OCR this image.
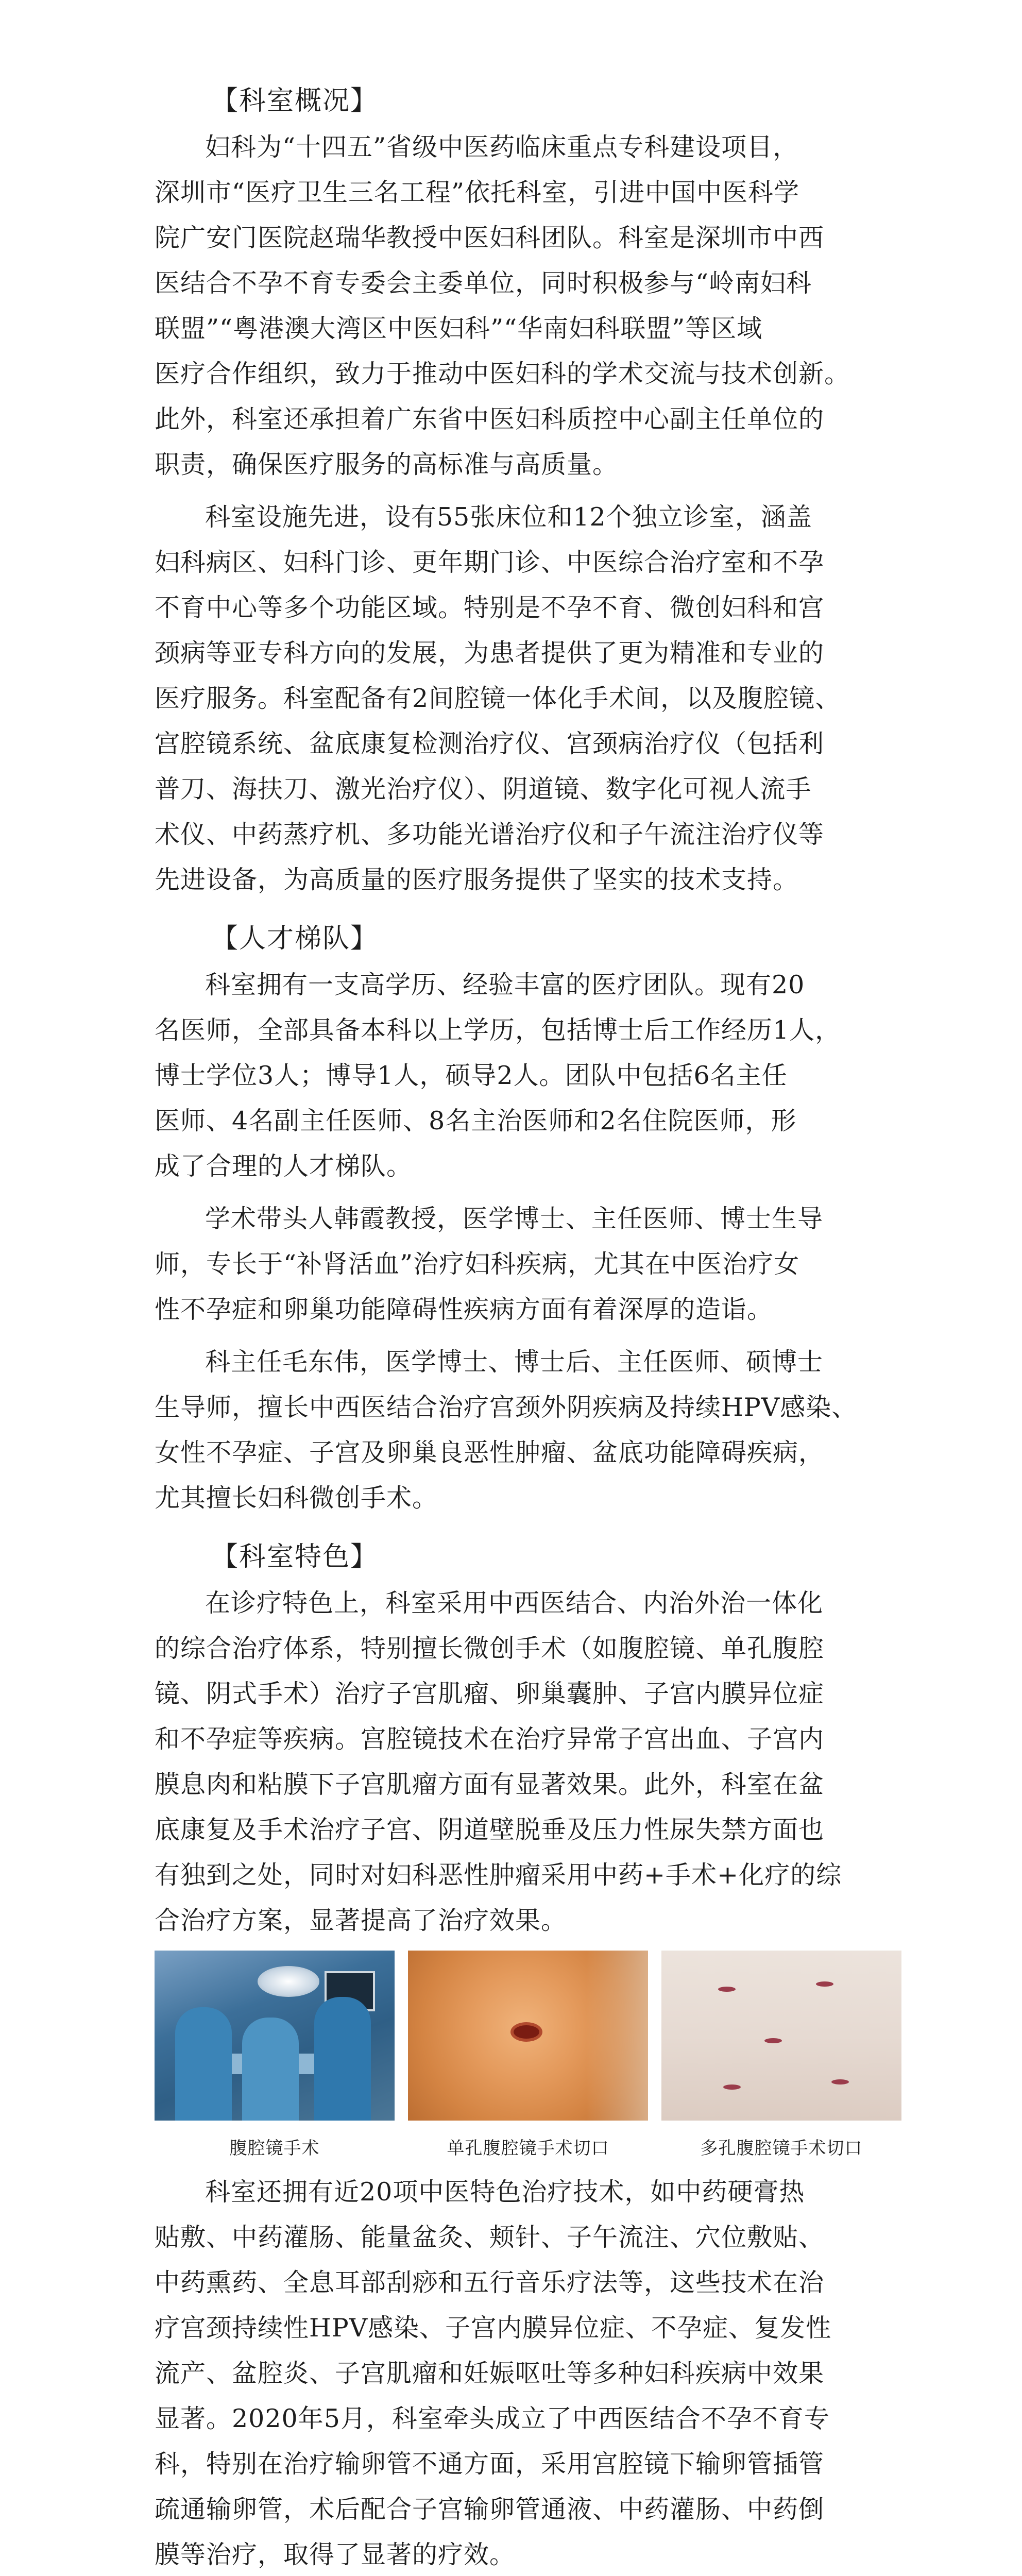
【科室概况】

妇科为“十四五”省级中医药临床重点专科建设项目，
深圳市“医疗卫生三名工程”依托科室，引进中国中医科学
院广安门医院赵瑞华教授中医妇科团队。科室是深圳市中西
医结合不孕不育专委会主委单位，同时积极参与“岭南妇科
联盟”“粤港澳大湾区中医妇科”“华南妇科联盟”等区域
医疗合作组织，致力于推动中医妇科的学术交流与技术创新。
此外，科室还承担着广东省中医妇科质控中心副主任单位的
职责，确保医疗服务的高标准与高质量。

科室设施先进，设有55张床位和12个独立诊室，涵盖
妇科病区、妇科门诊、更年期门诊、中医综合治疗室和不孕
不育中心等多个功能区域。特别是不孕不育、微创妇科和宫
颈病等亚专科方向的发展，为患者提供了更为精准和专业的
医疗服务。科室配备有2间腔镜一体化手术间，以及腹腔镜、
宫腔镜系统、盆底康复检测治疗仪、宫颈病治疗仪（包括利
普刀、海扶刀、激光治疗仪）、阴道镜、数字化可视人流手
术仪、中药蒸疗机、多功能光谱治疗仪和子午流注治疗仪等
先进设备，为高质量的医疗服务提供了坚实的技术支持。

【人才梯队】

科室拥有一支高学历、经验丰富的医疗团队。现有20
名医师，全部具备本科以上学历，包括博士后工作经历1人，
博士学位3人；博导1人，硕导2人。团队中包括6名主任
医师、4名副主任医师、8名主治医师和2名住院医师，形
成了合理的人才梯队。

学术带头人韩霞教授，医学博士、主任医师、博士生导
师，专长于“补肾活血”治疗妇科疾病，尤其在中医治疗女
性不孕症和卵巢功能障碍性疾病方面有着深厚的造诣。

科主任毛东伟，医学博士、博士后、主任医师、硕博士
生导师，擅长中西医结合治疗宫颈外阴疾病及持续HPV感染、
女性不孕症、子宫及卵巢良恶性肿瘤、盆底功能障碍疾病，
尤其擅长妇科微创手术。

【科室特色】

在诊疗特色上，科室采用中西医结合、内治外治一体化
的综合治疗体系，特别擅长微创手术（如腹腔镜、单孔腹腔
镜、阴式手术）治疗子宫肌瘤、卵巢囊肿、子宫内膜异位症
和不孕症等疾病。宫腔镜技术在治疗异常子宫出血、子宫内
膜息肉和粘膜下子宫肌瘤方面有显著效果。此外，科室在盆
底康复及手术治疗子宫、阴道壁脱垂及压力性尿失禁方面也
有独到之处，同时对妇科恶性肿瘤采用中药+手术+化疗的综
合治疗方案，显著提高了治疗效果。

腹腔镜手术	单孔腹腔镜手术切口	多孔腹腔镜手术切口

科室还拥有近20项中医特色治疗技术，如中药硬膏热
贴敷、中药灌肠、能量盆灸、颊针、子午流注、穴位敷贴、
中药熏药、全息耳部刮痧和五行音乐疗法等，这些技术在治
疗宫颈持续性HPV感染、子宫内膜异位症、不孕症、复发性
流产、盆腔炎、子宫肌瘤和妊娠呕吐等多种妇科疾病中效果
显著。2020年5月，科室牵头成立了中西医结合不孕不育专
科，特别在治疗输卵管不通方面，采用宫腔镜下输卵管插管
疏通输卵管，术后配合子宫输卵管通液、中药灌肠、中药倒
膜等治疗，取得了显著的疗效。
